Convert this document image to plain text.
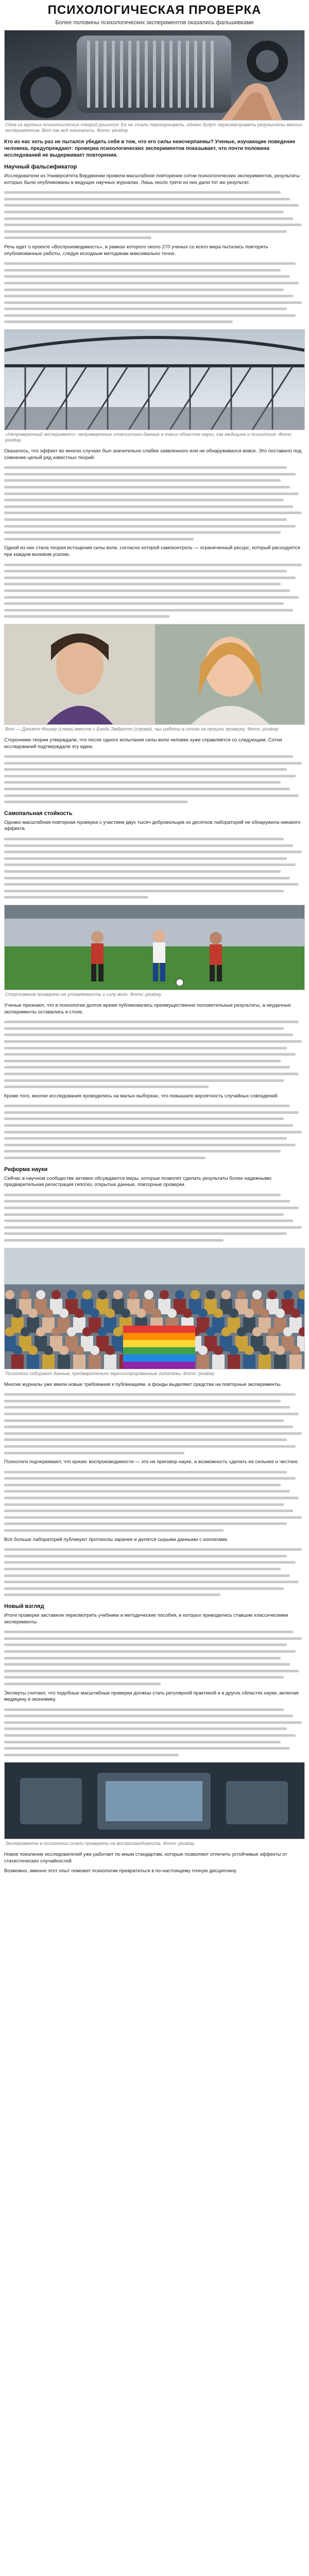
ПСИХОЛОГИЧЕСКАЯ ПРОВЕРКА
Более половины психологических экспериментов оказались фальшивками
Одна из крупных психологических теорий рушится. Ее не стали переоценивать, однако будут пересматривать результаты многих экспериментов. Вот как всё начиналось. Фото: pixabay

Кто из нас хоть раз не пытался убедить себя в том, что его силы неисчерпаемы? Ученые, изучающие поведение человека, предупреждают: проверка психологических экспериментов показывает, что почти половина исследований не выдерживает повторения.

Научный фальсификатор

Исследователи из Университета Вирджинии провели масштабное повторение сотни психологических экспериментов, результаты которых были опубликованы в ведущих научных журналах. Лишь около трети из них дали тот же результат.

Речь идет о проекте «Воспроизводимость», в рамках которого около 270 ученых со всего мира пытались повторить опубликованные работы, следуя исходным методикам максимально точно.

«Непроверенный эксперимент»: непроверенные статистики данные в таких областях науки, как медицина и психология. Фото: pixabay

Оказалось, что эффект во многих случаях был значительно слабее заявленного или не обнаруживался вовсе. Это поставило под сомнение целый ряд известных теорий.

Одной из них стала теория истощения силы воли, согласно которой самоконтроль — ограниченный ресурс, который расходуется при каждом волевом усилии.

Вот — Дэниелл Фишер (слева) вместе с Бэнди Эмбретт (справа), чьи работы в итоге не прошли проверку. Фото: pixabay

Сторонники теории утверждали, что после одного испытания силы воли человек хуже справляется со следующим. Сотни исследований подтверждали эту идею.

Самопальная стойкость

Однако масштабная повторная проверка с участием двух тысяч добровольцев из десятков лабораторий не обнаружила никакого эффекта.

Спортсменов проверяли на утомляемость и силу воли. Фото: pixabay

Ученые признают, что в психологии долгое время публиковались преимущественно положительные результаты, а неудачные эксперименты оставались в столе.

Кроме того, многие исследования проводились на малых выборках, что повышало вероятность случайных совпадений.

Реформа науки

Сейчас в научном сообществе активно обсуждаются меры, которые позволят сделать результаты более надежными: предварительная регистрация гипотез, открытые данные, повторные проверки.

Психологи собирают данные, предварительно зарегистрированные гипотезы. Фото: pixabay

Многие журналы уже ввели новые требования к публикациям, а фонды выделяют средства на повторные эксперименты.

Психологи подчеркивают, что кризис воспроизводимости — это не приговор науке, а возможность сделать ее сильнее и честнее.

Всё больше лабораторий публикуют протоколы заранее и делятся сырыми данными с коллегами.

Новый взгляд

Итоги проверки заставили пересмотреть учебники и методические пособия, в которых приводились ставшие классическими эксперименты.

Эксперты считают, что подобные масштабные проверки должны стать регулярной практикой и в других областях науки, включая медицину и экономику.

Эксперименты в психологии стали проверять на воспроизводимость. Фото: pixabay

Новое поколение исследователей уже работает по иным стандартам, которые позволяют отличить устойчивые эффекты от статистических случайностей.

Возможно, именно этот опыт поможет психологии превратиться в по-настоящему точную дисциплину.
